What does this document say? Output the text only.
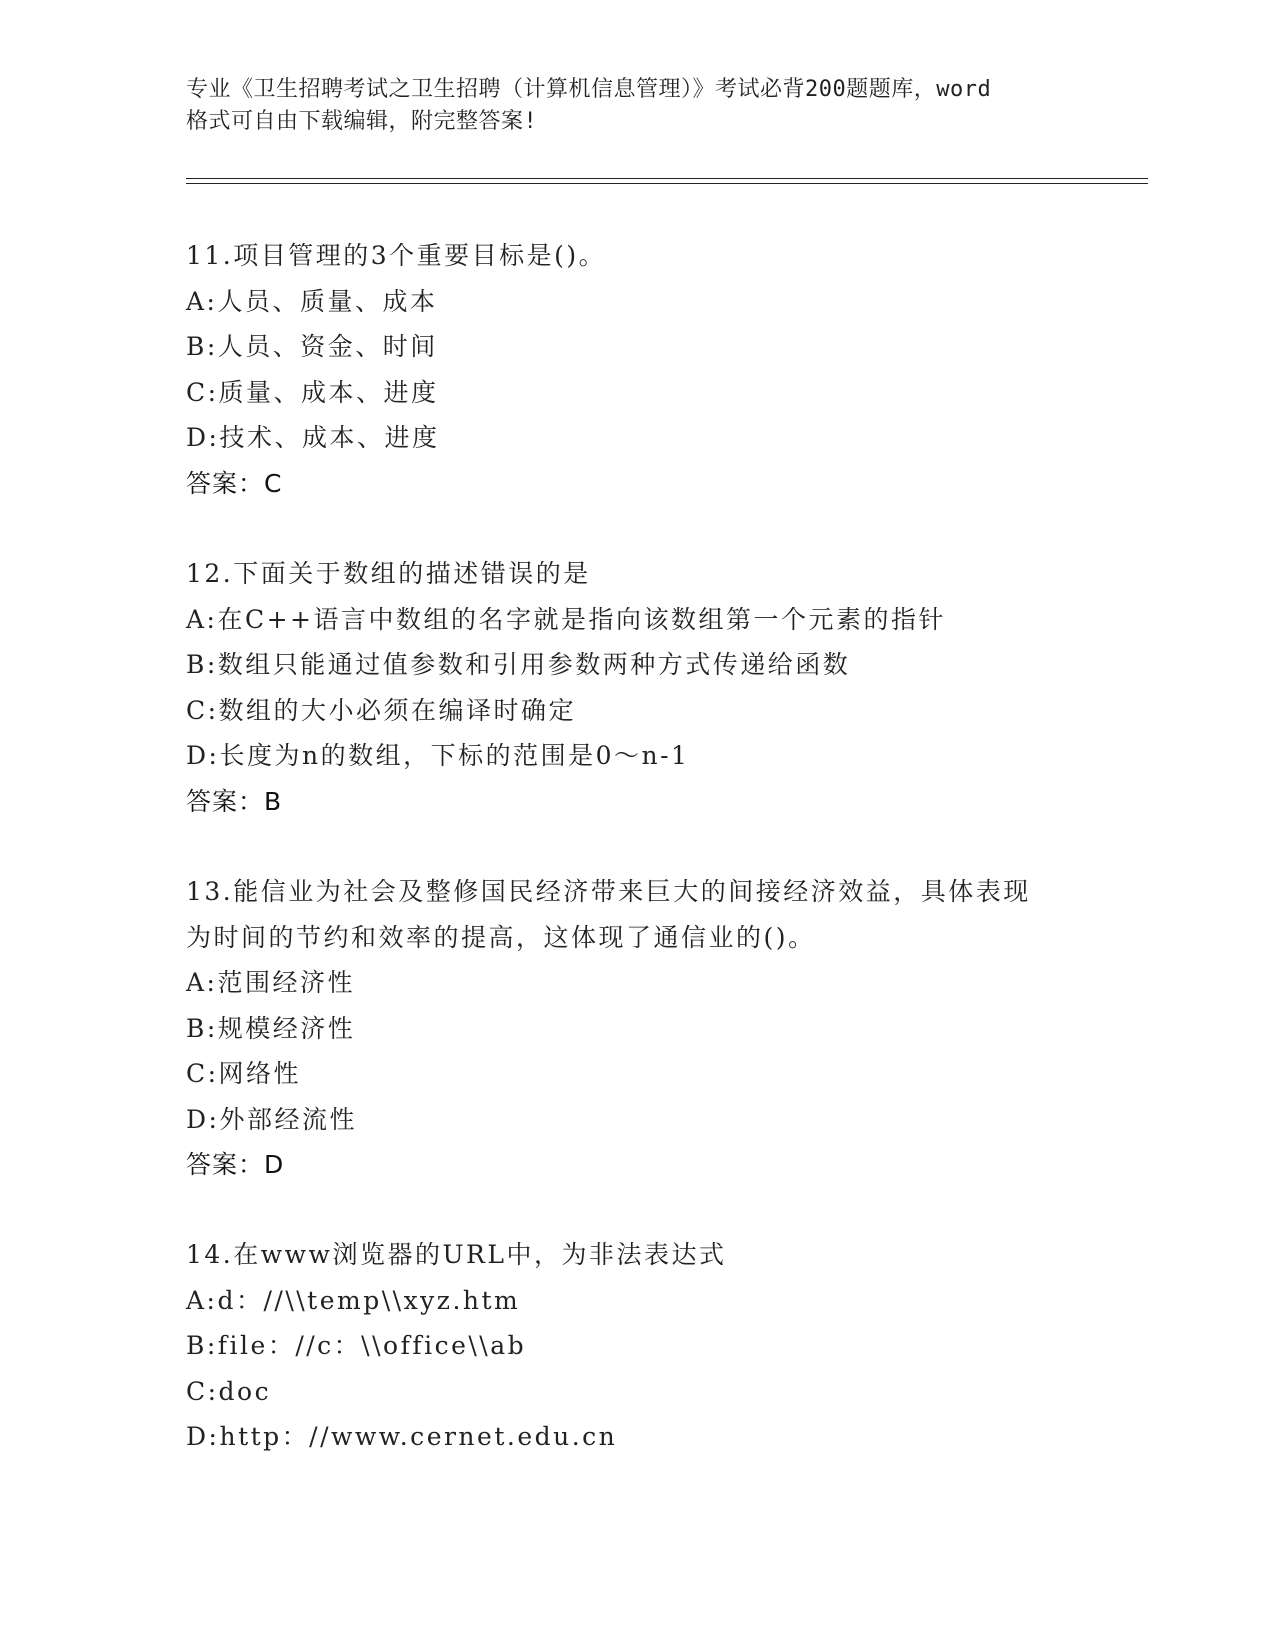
专业《卫生招聘考试之卫生招聘（计算机信息管理）》考试必背200题题库，word
格式可自由下载编辑，附完整答案!
11.项目管理的3个重要目标是()。
A:人员、质量、成本
B:人员、资金、时间
C:质量、成本、进度
D:技术、成本、进度
答案：C
12.下面关于数组的描述错误的是
A:在C++语言中数组的名字就是指向该数组第一个元素的指针
B:数组只能通过值参数和引用参数两种方式传递给函数
C:数组的大小必须在编译时确定
D:长度为n的数组，下标的范围是0～n-1
答案：B
13.能信业为社会及整修国民经济带来巨大的间接经济效益，具体表现
为时间的节约和效率的提高，这体现了通信业的()。
A:范围经济性
B:规模经济性
C:网络性
D:外部经流性
答案：D
14.在www浏览器的URL中，为非法表达式
A:d：//\\temp\\xyz.htm
B:file：//c：\\office\\ab
C:doc
D:http：//www.cernet.edu.cn
